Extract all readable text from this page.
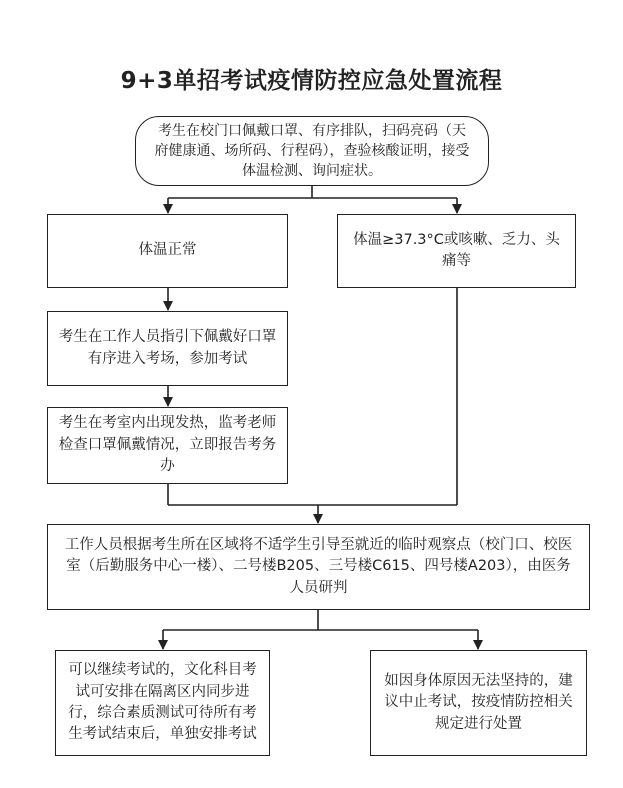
9+3单招考试疫情防控应急处置流程
考生在校门口佩戴口罩、有序排队，扫码亮码（天府健康通、场所码、行程码），查验核酸证明，接受体温检测、询问症状。
体温正常
体温≥37.3°C或咳嗽、乏力、头痛等
考生在工作人员指引下佩戴好口罩有序进入考场，参加考试
考生在考室内出现发热，监考老师检查口罩佩戴情况，立即报告考务办
工作人员根据考生所在区域将不适学生引导至就近的临时观察点（校门口、校医室（后勤服务中心一楼）、二号楼B205、三号楼C615、四号楼A203），由医务人员研判
可以继续考试的，文化科目考试可安排在隔离区内同步进行，综合素质测试可待所有考生考试结束后，单独安排考试
如因身体原因无法坚持的，建议中止考试，按疫情防控相关规定进行处置
